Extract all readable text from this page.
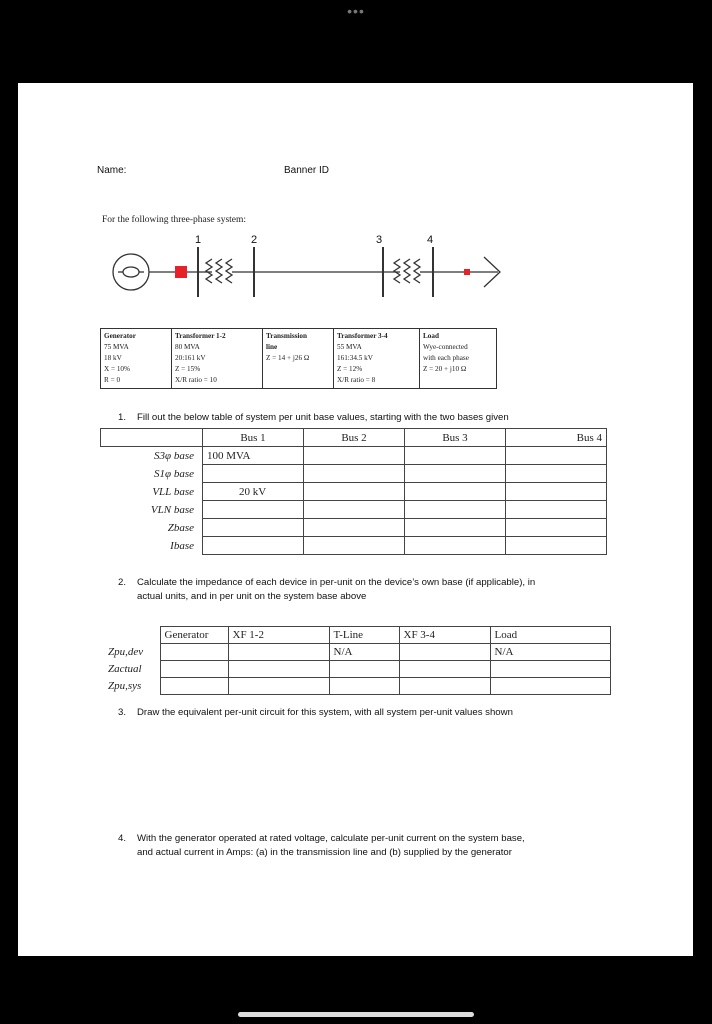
•••
Name:	Banner ID
For the following three-phase system:
1	2	3	4
Generator
75 MVA
18 kV
X = 10%
R = 0

Transformer 1-2
80 MVA
20:161 kV
Z = 15%
X/R ratio = 10

Transmission
line
Z = 14 + j26 Ω

Transformer 3-4
55 MVA
161:34.5 kV
Z = 12%
X/R ratio = 8

Load
Wye-connected
with each phase
Z = 20 + j10 Ω
1. Fill out the below table of system per unit base values, starting with the two bases given
	Bus 1	Bus 2	Bus 3	Bus 4
S3φ base	100 MVA			
S1φ base				
VLL base	20 kV			
VLN base				
Zbase				
Ibase				
2. Calculate the impedance of each device in per-unit on the device’s own base (if applicable), in
actual units, and in per unit on the system base above
	Generator	XF 1-2	T-Line	XF 3-4	Load
Zpu,dev			N/A		N/A
Zactual					
Zpu,sys					
3. Draw the equivalent per-unit circuit for this system, with all system per-unit values shown
4. With the generator operated at rated voltage, calculate per-unit current on the system base,
and actual current in Amps: (a) in the transmission line and (b) supplied by the generator
